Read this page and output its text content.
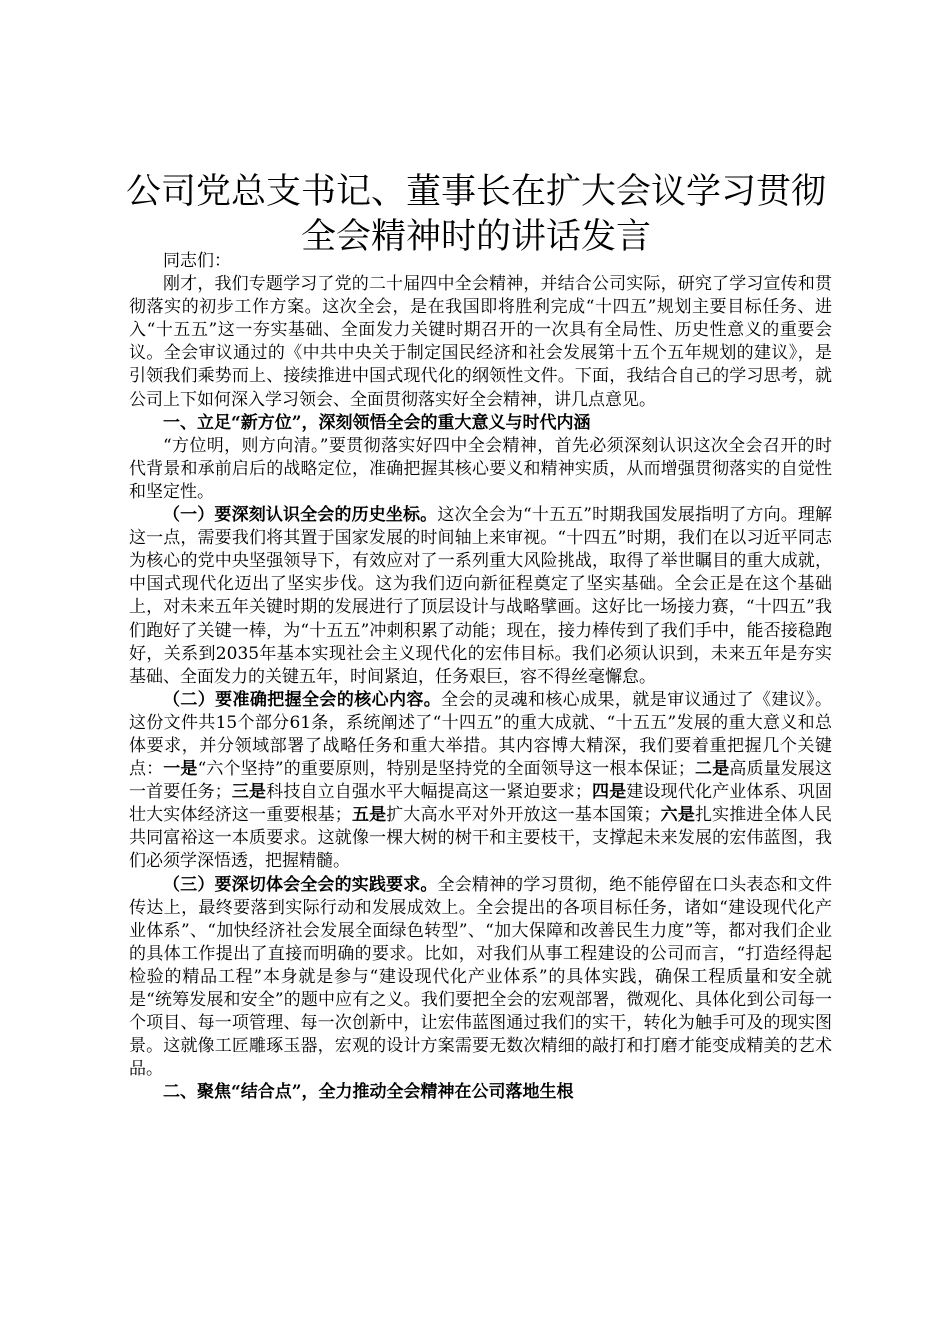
公司党总支书记、董事长在扩大会议学习贯彻
全会精神时的讲话发言

同志们：

刚才，我们专题学习了党的二十届四中全会精神，并结合公司实际，研究了学习宣传和贯彻落实的初步工作方案。这次全会，是在我国即将胜利完成“十四五”规划主要目标任务、进入“十五五”这一夯实基础、全面发力关键时期召开的一次具有全局性、历史性意义的重要会议。全会审议通过的《中共中央关于制定国民经济和社会发展第十五个五年规划的建议》，是引领我们乘势而上、接续推进中国式现代化的纲领性文件。下面，我结合自己的学习思考，就公司上下如何深入学习领会、全面贯彻落实好全会精神，讲几点意见。

一、立足“新方位”，深刻领悟全会的重大意义与时代内涵

“方位明，则方向清。”要贯彻落实好四中全会精神，首先必须深刻认识这次全会召开的时代背景和承前启后的战略定位，准确把握其核心要义和精神实质，从而增强贯彻落实的自觉性和坚定性。

（一）要深刻认识全会的历史坐标。这次全会为“十五五”时期我国发展指明了方向。理解这一点，需要我们将其置于国家发展的时间轴上来审视。“十四五”时期，我们在以习近平同志为核心的党中央坚强领导下，有效应对了一系列重大风险挑战，取得了举世瞩目的重大成就，中国式现代化迈出了坚实步伐。这为我们迈向新征程奠定了坚实基础。全会正是在这个基础上，对未来五年关键时期的发展进行了顶层设计与战略擘画。这好比一场接力赛，“十四五”我们跑好了关键一棒，为“十五五”冲刺积累了动能；现在，接力棒传到了我们手中，能否接稳跑好，关系到2035年基本实现社会主义现代化的宏伟目标。我们必须认识到，未来五年是夯实基础、全面发力的关键五年，时间紧迫，任务艰巨，容不得丝毫懈怠。

（二）要准确把握全会的核心内容。全会的灵魂和核心成果，就是审议通过了《建议》。这份文件共15个部分61条，系统阐述了“十四五”的重大成就、“十五五”发展的重大意义和总体要求，并分领域部署了战略任务和重大举措。其内容博大精深，我们要着重把握几个关键点：一是“六个坚持”的重要原则，特别是坚持党的全面领导这一根本保证；二是高质量发展这一首要任务；三是科技自立自强水平大幅提高这一紧迫要求；四是建设现代化产业体系、巩固壮大实体经济这一重要根基；五是扩大高水平对外开放这一基本国策；六是扎实推进全体人民共同富裕这一本质要求。这就像一棵大树的树干和主要枝干，支撑起未来发展的宏伟蓝图，我们必须学深悟透，把握精髓。

（三）要深切体会全会的实践要求。全会精神的学习贯彻，绝不能停留在口头表态和文件传达上，最终要落到实际行动和发展成效上。全会提出的各项目标任务，诸如“建设现代化产业体系”、“加快经济社会发展全面绿色转型”、“加大保障和改善民生力度”等，都对我们企业的具体工作提出了直接而明确的要求。比如，对我们从事工程建设的公司而言，“打造经得起检验的精品工程”本身就是参与“建设现代化产业体系”的具体实践，确保工程质量和安全就是“统筹发展和安全”的题中应有之义。我们要把全会的宏观部署，微观化、具体化到公司每一个项目、每一项管理、每一次创新中，让宏伟蓝图通过我们的实干，转化为触手可及的现实图景。这就像工匠雕琢玉器，宏观的设计方案需要无数次精细的敲打和打磨才能变成精美的艺术品。

二、聚焦“结合点”，全力推动全会精神在公司落地生根
